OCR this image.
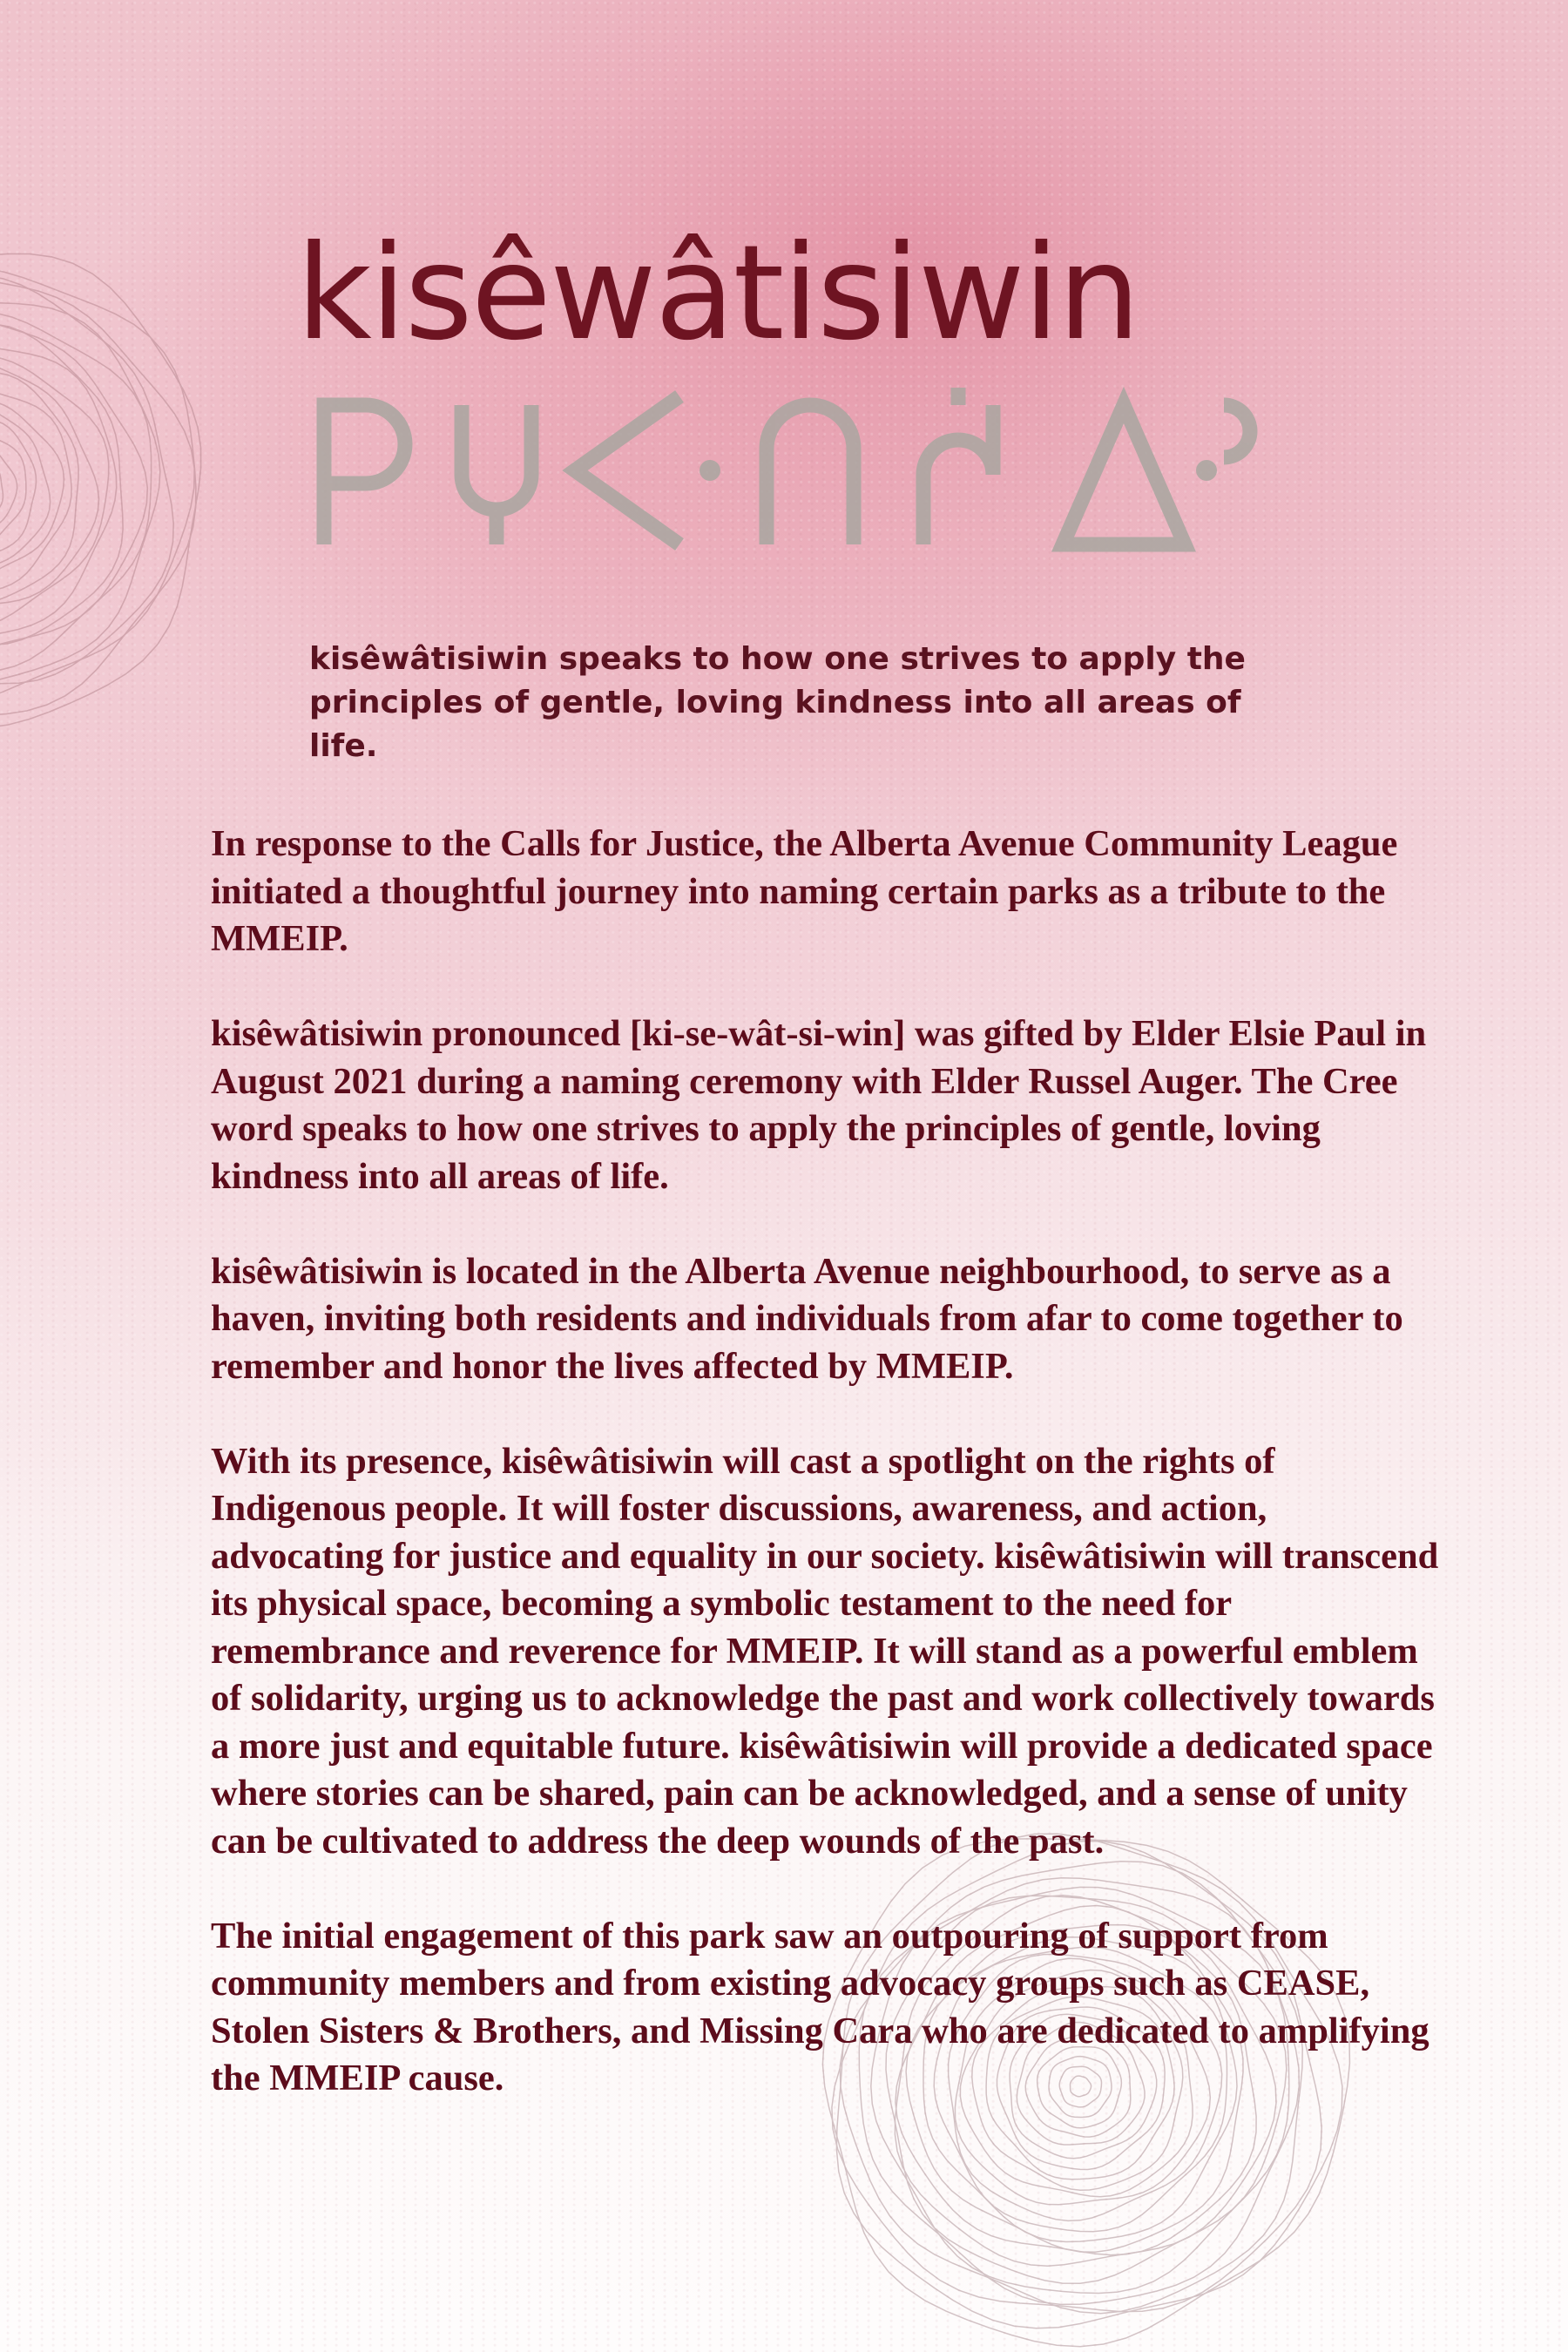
kisêwâtisiwin
kisêwâtisiwin speaks to how one strives to apply the
principles of gentle, loving kindness into all areas of life.

In response to the Calls for Justice, the Alberta Avenue Community League initiated a thoughtful journey into naming certain parks as a tribute to the MMEIP.

kisêwâtisiwin pronounced [ki-se-wât-si-win] was gifted by Elder Elsie Paul in August 2021 during a naming ceremony with Elder Russel Auger. The Cree word speaks to how one strives to apply the principles of gentle, loving kindness into all areas of life.

kisêwâtisiwin is located in the Alberta Avenue neighbourhood, to serve as a haven, inviting both residents and individuals from afar to come together to remember and honor the lives affected by MMEIP.

With its presence, kisêwâtisiwin will cast a spotlight on the rights of Indigenous people. It will foster discussions, awareness, and action, advocating for justice and equality in our society. kisêwâtisiwin will transcend its physical space, becoming a symbolic testament to the need for remembrance and reverence for MMEIP. It will stand as a powerful emblem of solidarity, urging us to acknowledge the past and work collectively towards a more just and equitable future. kisêwâtisiwin will provide a dedicated space where stories can be shared, pain can be acknowledged, and a sense of unity can be cultivated to address the deep wounds of the past.

The initial engagement of this park saw an outpouring of support from community members and from existing advocacy groups such as CEASE, Stolen Sisters & Brothers, and Missing Cara who are dedicated to amplifying the MMEIP cause.
